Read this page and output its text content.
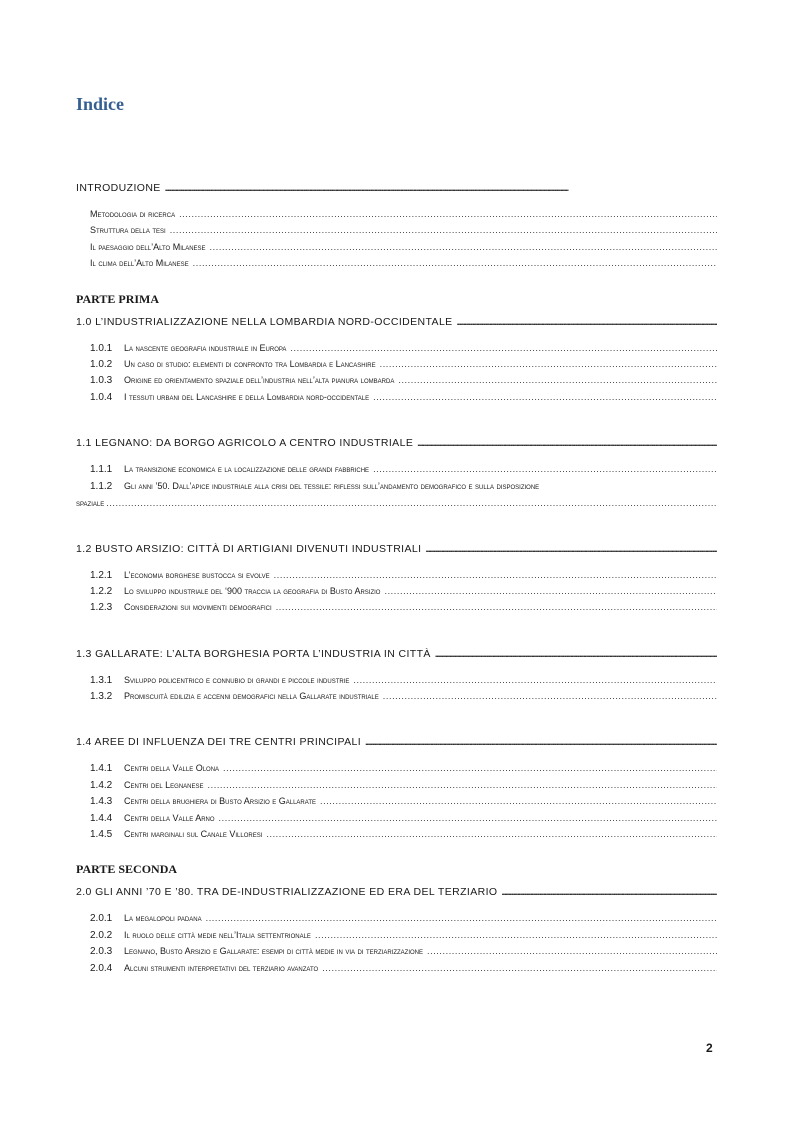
Indice
INTRODUZIONE
.....
Metodologia di ricerca
.....
Struttura della tesi
.....
Il paesaggio dell’Alto Milanese
.....
Il clima dell’Alto Milanese
.....
PARTE PRIMA
1.0 L’INDUSTRIALIZZAZIONE NELLA LOMBARDIA NORD-OCCIDENTALE
.....
1.0.1 La nascente geografia industriale in Europa
.....
1.0.2 Un caso di studio: elementi di confronto tra Lombardia e Lancashire
.....
1.0.3 Origine ed orientamento spaziale dell’industria nell’alta pianura lombarda
.....
1.0.4 I tessuti urbani del Lancashire e della Lombardia nord-occidentale
.....
1.1 LEGNANO: DA BORGO AGRICOLO A CENTRO INDUSTRIALE
.....
1.1.1 La transizione economica e la localizzazione delle grandi fabbriche
.....
1.1.2 Gli anni ’50. Dall’apice industriale alla crisi del tessile: riflessi sull’andamento demografico e sulla disposizione
spaziale
.....
1.2 BUSTO ARSIZIO: CITTÀ DI ARTIGIANI DIVENUTI INDUSTRIALI
.....
1.2.1 L’economia borghese bustocca si evolve
.....
1.2.2 Lo sviluppo industriale del ‘900 traccia la geografia di Busto Arsizio
.....
1.2.3 Considerazioni sui movimenti demografici
.....
1.3 GALLARATE: L’ALTA BORGHESIA PORTA L’INDUSTRIA IN CITTÀ
.....
1.3.1 Sviluppo policentrico e connubio di grandi e piccole industrie
.....
1.3.2 Promiscuità edilizia e accenni demografici nella Gallarate industriale
.....
1.4 AREE DI INFLUENZA DEI TRE CENTRI PRINCIPALI
.....
1.4.1 Centri della Valle Olona
.....
1.4.2 Centri del Legnanese
.....
1.4.3 Centri della brughiera di Busto Arsizio e Gallarate
.....
1.4.4 Centri della Valle Arno
.....
1.4.5 Centri marginali sul Canale Villoresi
.....
PARTE SECONDA
2.0 GLI ANNI ’70 E ’80. TRA DE-INDUSTRIALIZZAZIONE ED ERA DEL TERZIARIO
.....
2.0.1 La megalopoli padana
.....
2.0.2 Il ruolo delle città medie nell’Italia settentrionale
.....
2.0.3 Legnano, Busto Arsizio e Gallarate: esempi di città medie in via di terziarizzazione
.....
2.0.4 Alcuni strumenti interpretativi del terziario avanzato
.....
2
